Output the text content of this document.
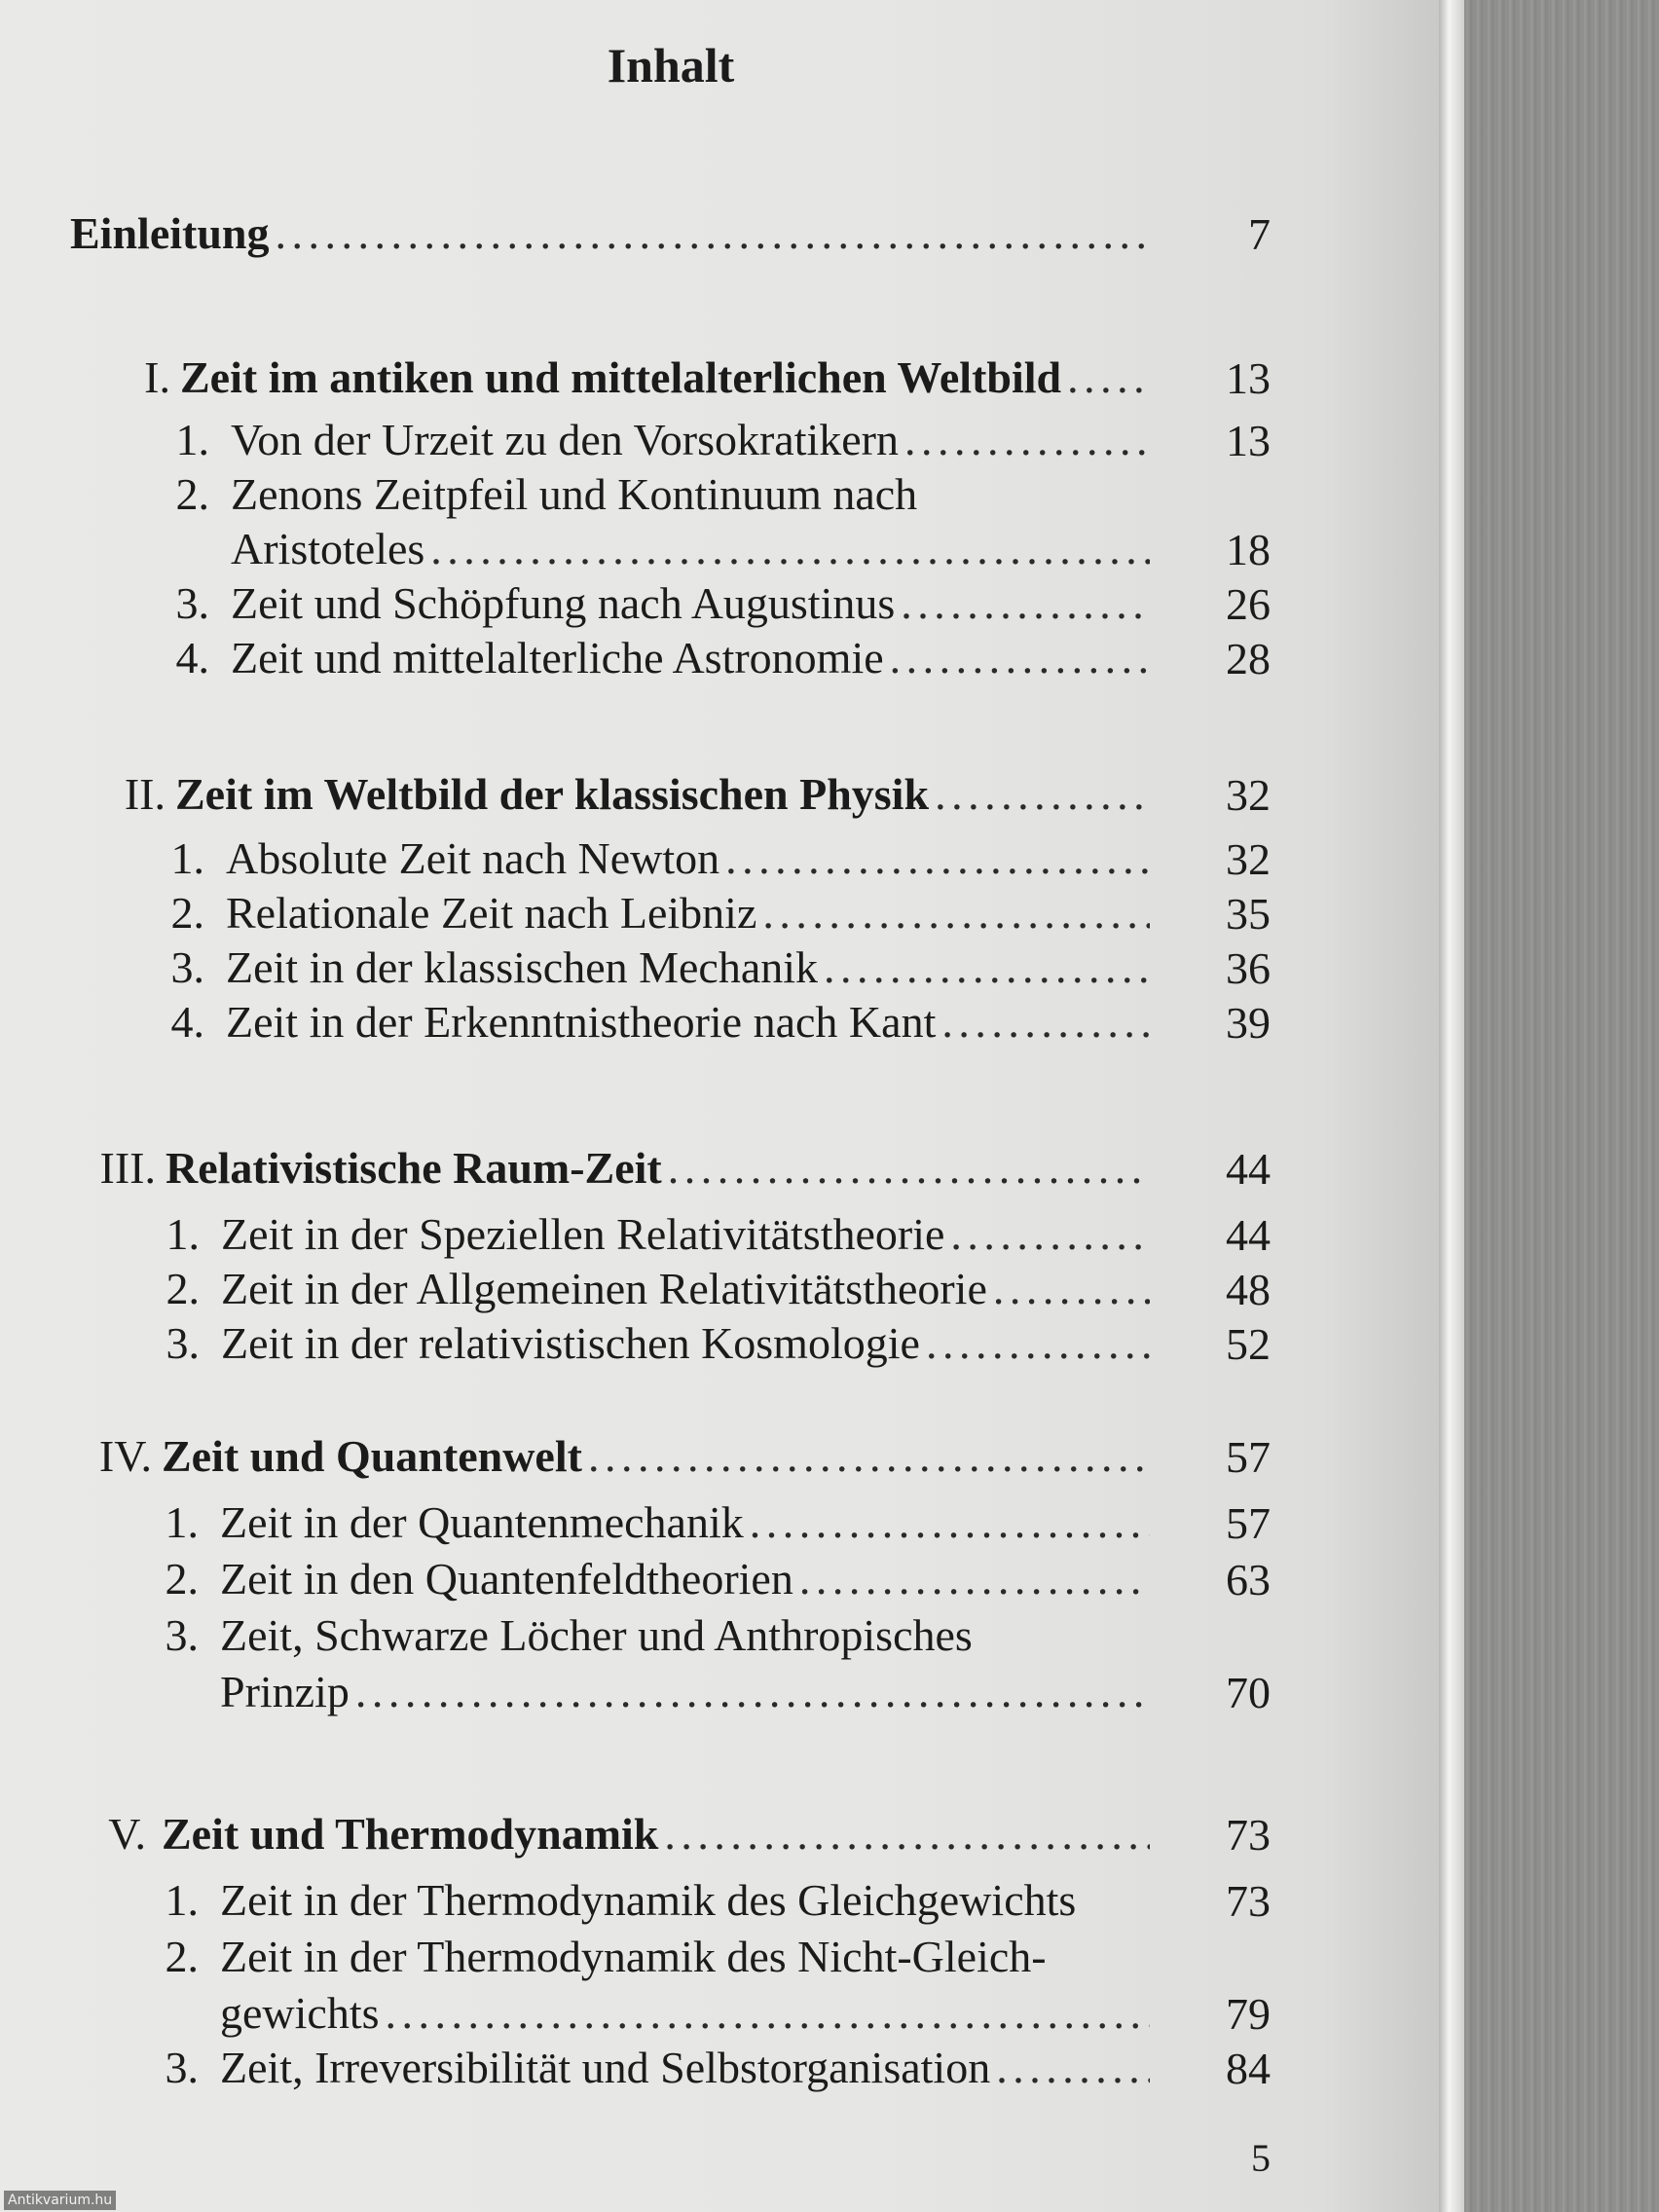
Inhalt
Einleitung . . .	7
I. Zeit im antiken und mittelalterlichen Weltbild . . .	13
1. Von der Urzeit zu den Vorsokratikern . . .	13
2. Zenons Zeitpfeil und Kontinuum nach
Aristoteles . . .	18
3. Zeit und Schöpfung nach Augustinus . . .	26
4. Zeit und mittelalterliche Astronomie . . .	28
II. Zeit im Weltbild der klassischen Physik . . .	32
1. Absolute Zeit nach Newton . . .	32
2. Relationale Zeit nach Leibniz . . .	35
3. Zeit in der klassischen Mechanik . . .	36
4. Zeit in der Erkenntnistheorie nach Kant . . .	39
III. Relativistische Raum-Zeit . . .	44
1. Zeit in der Speziellen Relativitätstheorie . . .	44
2. Zeit in der Allgemeinen Relativitätstheorie . . .	48
3. Zeit in der relativistischen Kosmologie . . .	52
IV. Zeit und Quantenwelt . . .	57
1. Zeit in der Quantenmechanik . . .	57
2. Zeit in den Quantenfeldtheorien . . .	63
3. Zeit, Schwarze Löcher und Anthropisches
Prinzip . . .	70
V. Zeit und Thermodynamik . . .	73
1. Zeit in der Thermodynamik des Gleichgewichts	73
2. Zeit in der Thermodynamik des Nicht-Gleich-
gewichts . . .	79
3. Zeit, Irreversibilität und Selbstorganisation . . .	84
5
Antikvarium.hu
